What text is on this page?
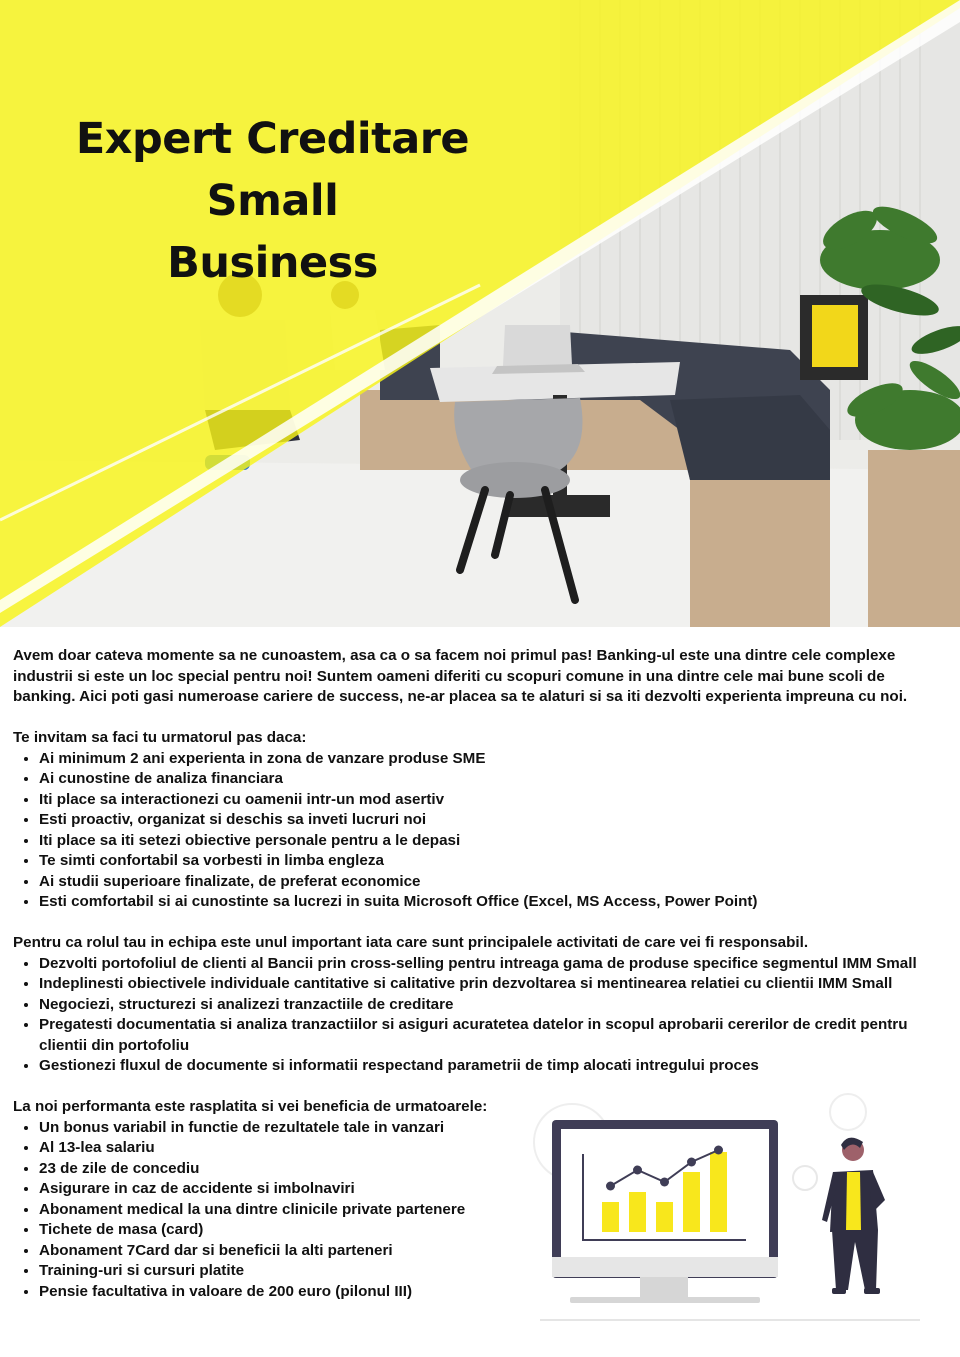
Expert Creditare Small
Business

Avem doar cateva momente sa ne cunoastem, asa ca o sa facem noi primul pas! Banking-ul este una dintre cele complexe industrii si este un loc special pentru noi! Suntem oameni diferiti cu scopuri comune in una dintre cele mai bune scoli de banking. Aici poti gasi numeroase cariere de success, ne-ar placea sa te alaturi si sa iti dezvolti experienta impreuna cu noi.

Te invitam sa faci tu urmatorul pas daca:

• Ai minimum 2 ani experienta in zona de vanzare produse SME
• Ai cunostine de analiza financiara
• Iti place sa interactionezi cu oamenii intr-un mod asertiv
• Esti proactiv, organizat si deschis sa inveti lucruri noi
• Iti place sa iti setezi obiective personale pentru a le depasi
• Te simti confortabil sa vorbesti in limba engleza
• Ai studii superioare finalizate, de preferat economice
• Esti comfortabil si ai cunostinte sa lucrezi in suita Microsoft Office (Excel, MS Access, Power Point)

Pentru ca rolul tau in echipa este unul important iata care sunt principalele activitati de care vei fi responsabil.

• Dezvolti portofoliul de clienti al Bancii prin cross-selling pentru intreaga gama de produse specifice segmentul IMM Small
• Indeplinesti obiectivele individuale cantitative si calitative prin dezvoltarea si mentinearea relatiei cu clientii IMM Small
• Negociezi, structurezi si analizezi tranzactiile de creditare
• Pregatesti documentatia si analiza tranzactiilor si asiguri acuratetea datelor in scopul aprobarii cererilor de credit pentru clientii din portofoliu
• Gestionezi fluxul de documente si informatii respectand parametrii de timp alocati intregului proces

La noi performanta este rasplatita si vei beneficia de urmatoarele:

• Un bonus variabil in functie de rezultatele tale in vanzari
• Al 13-lea salariu
• 23 de zile de concediu
• Asigurare in caz de accidente si imbolnaviri
• Abonament medical la una dintre clinicile private partenere
• Tichete de masa (card)
• Abonament 7Card dar si beneficii la alti parteneri
• Training-uri si cursuri platite
• Pensie facultativa in valoare de 200 euro (pilonul III)
